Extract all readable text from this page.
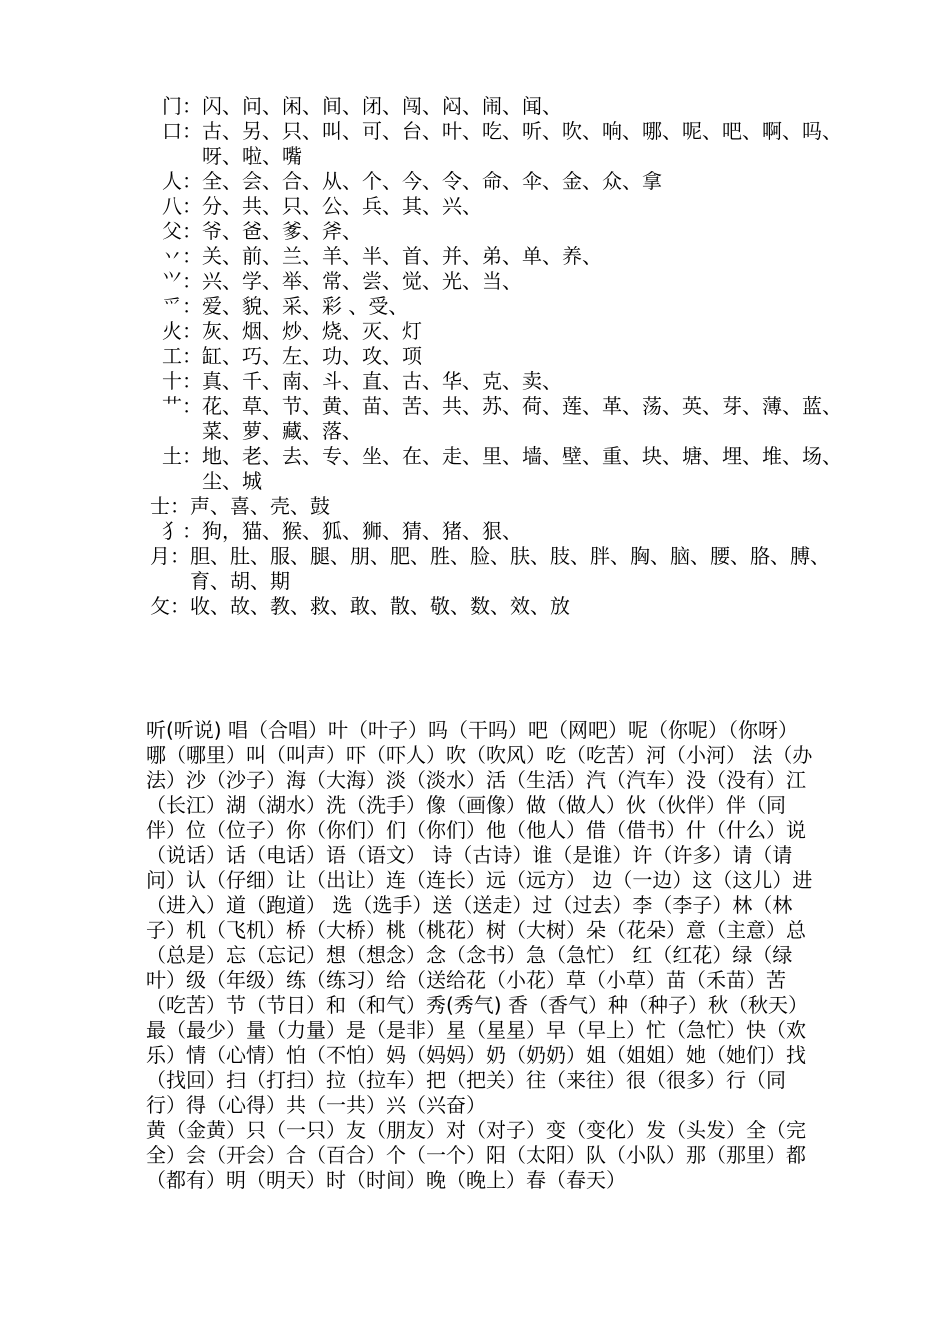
门： 闪、问、闲、间、闭、闯、闷、闹、闻、
口： 古、另、只、叫、可、台、叶、吃、听、吹、响、哪、呢、吧、啊、吗、呀、啦、嘴
人： 全、会、合、从、个、今、令、命、伞、金、众、拿
八： 分、共、只、公、兵、其、兴、
父： 爷、爸、爹、斧、
丷： 关、前、兰、羊、半、首、并、弟、单、养、
⺍： 兴、学、举、常、尝、觉、光、当、
爫： 爱、貌、采、彩 、受、
火： 灰、烟、炒、烧、灭、灯
工： 缸、巧、左、功、攻、项
十： 真、千、南、斗、直、古、华、克、卖、
艹： 花、草、节、黄、苗、苦、共、苏、荷、莲、革、荡、英、芽、薄、蓝、菜、萝、藏、落、
土： 地、老、去、专、坐、在、走、里、墙、壁、重、块、塘、埋、堆、场、尘、城
士： 声、喜、壳、鼓
犭： 狗，猫、猴、狐、狮、猜、猪、狠、
月： 胆、肚、服、腿、朋、肥、胜、脸、肤、肢、胖、胸、脑、腰、胳、膊、育、胡、期
攵： 收、故、教、救、敢、散、敬、数、效、放

听(听说) 唱（合唱）叶（叶子）吗（干吗）吧（网吧）呢（你呢）（你呀）哪（哪里）叫（叫声）吓（吓人）吹（吹风）吃（吃苦）河（小河） 法（办法）沙（沙子）海（大海）淡（淡水）活（生活）汽（汽车）没（没有）江（长江）湖（湖水）洗（洗手）像（画像）做（做人）伙（伙伴）伴（同伴）位（位子）你（你们）们（你们）他（他人）借（借书）什（什么）说（说话）话（电话）语（语文） 诗（古诗）谁（是谁）许（许多）请（请问）认（仔细）让（出让）连（连长）远（远方） 边（一边）这（这儿）进（进入）道（跑道） 选（选手）送（送走）过（过去）李（李子）林（林子）机（飞机）桥（大桥）桃（桃花）树（大树）朵（花朵）意（主意）总（总是）忘（忘记）想（想念）念（念书）急（急忙） 红（红花）绿（绿叶）级（年级）练（练习）给（送给花（小花）草（小草）苗（禾苗）苦（吃苦）节（节日）和（和气）秀(秀气) 香（香气）种（种子）秋（秋天）最（最少）量（力量）是（是非）星（星星）早（早上）忙（急忙）快（欢乐）情（心情）怕（不怕）妈（妈妈）奶（奶奶）姐（姐姐）她（她们）找（找回）扫（打扫）拉（拉车）把（把关）往（来往）很（很多）行（同行）得（心得）共（一共）兴（兴奋）

黄（金黄）只（一只）友（朋友）对（对子）变（变化）发（头发）全（完全）会（开会）合（百合）个（一个）阳（太阳）队（小队）那（那里）都（都有）明（明天）时（时间）晚（晚上）春（春天）
